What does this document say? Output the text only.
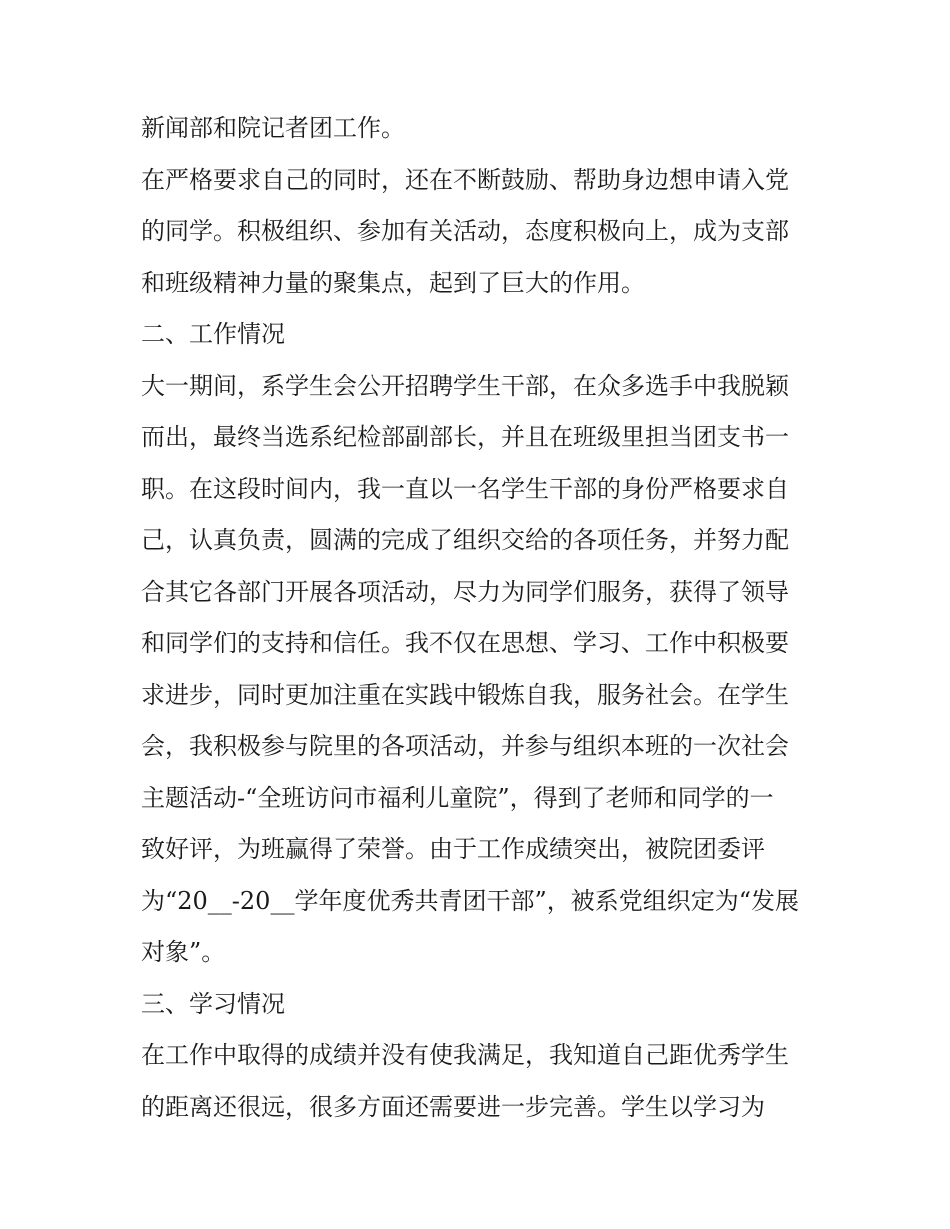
新闻部和院记者团工作。
在严格要求自己的同时，还在不断鼓励、帮助身边想申请入党
的同学。积极组织、参加有关活动，态度积极向上，成为支部
和班级精神力量的聚集点，起到了巨大的作用。
二、工作情况
大一期间，系学生会公开招聘学生干部，在众多选手中我脱颖
而出，最终当选系纪检部副部长，并且在班级里担当团支书一
职。在这段时间内，我一直以一名学生干部的身份严格要求自
己，认真负责，圆满的完成了组织交给的各项任务，并努力配
合其它各部门开展各项活动，尽力为同学们服务，获得了领导
和同学们的支持和信任。我不仅在思想、学习、工作中积极要
求进步，同时更加注重在实践中锻炼自我，服务社会。在学生
会，我积极参与院里的各项活动，并参与组织本班的一次社会
主题活动-“全班访问市福利儿童院”，得到了老师和同学的一
致好评，为班赢得了荣誉。由于工作成绩突出，被院团委评
为“20__-20__学年度优秀共青团干部”，被系党组织定为“发展
对象”。
三、学习情况
在工作中取得的成绩并没有使我满足，我知道自己距优秀学生
的距离还很远，很多方面还需要进一步完善。学生以学习为
